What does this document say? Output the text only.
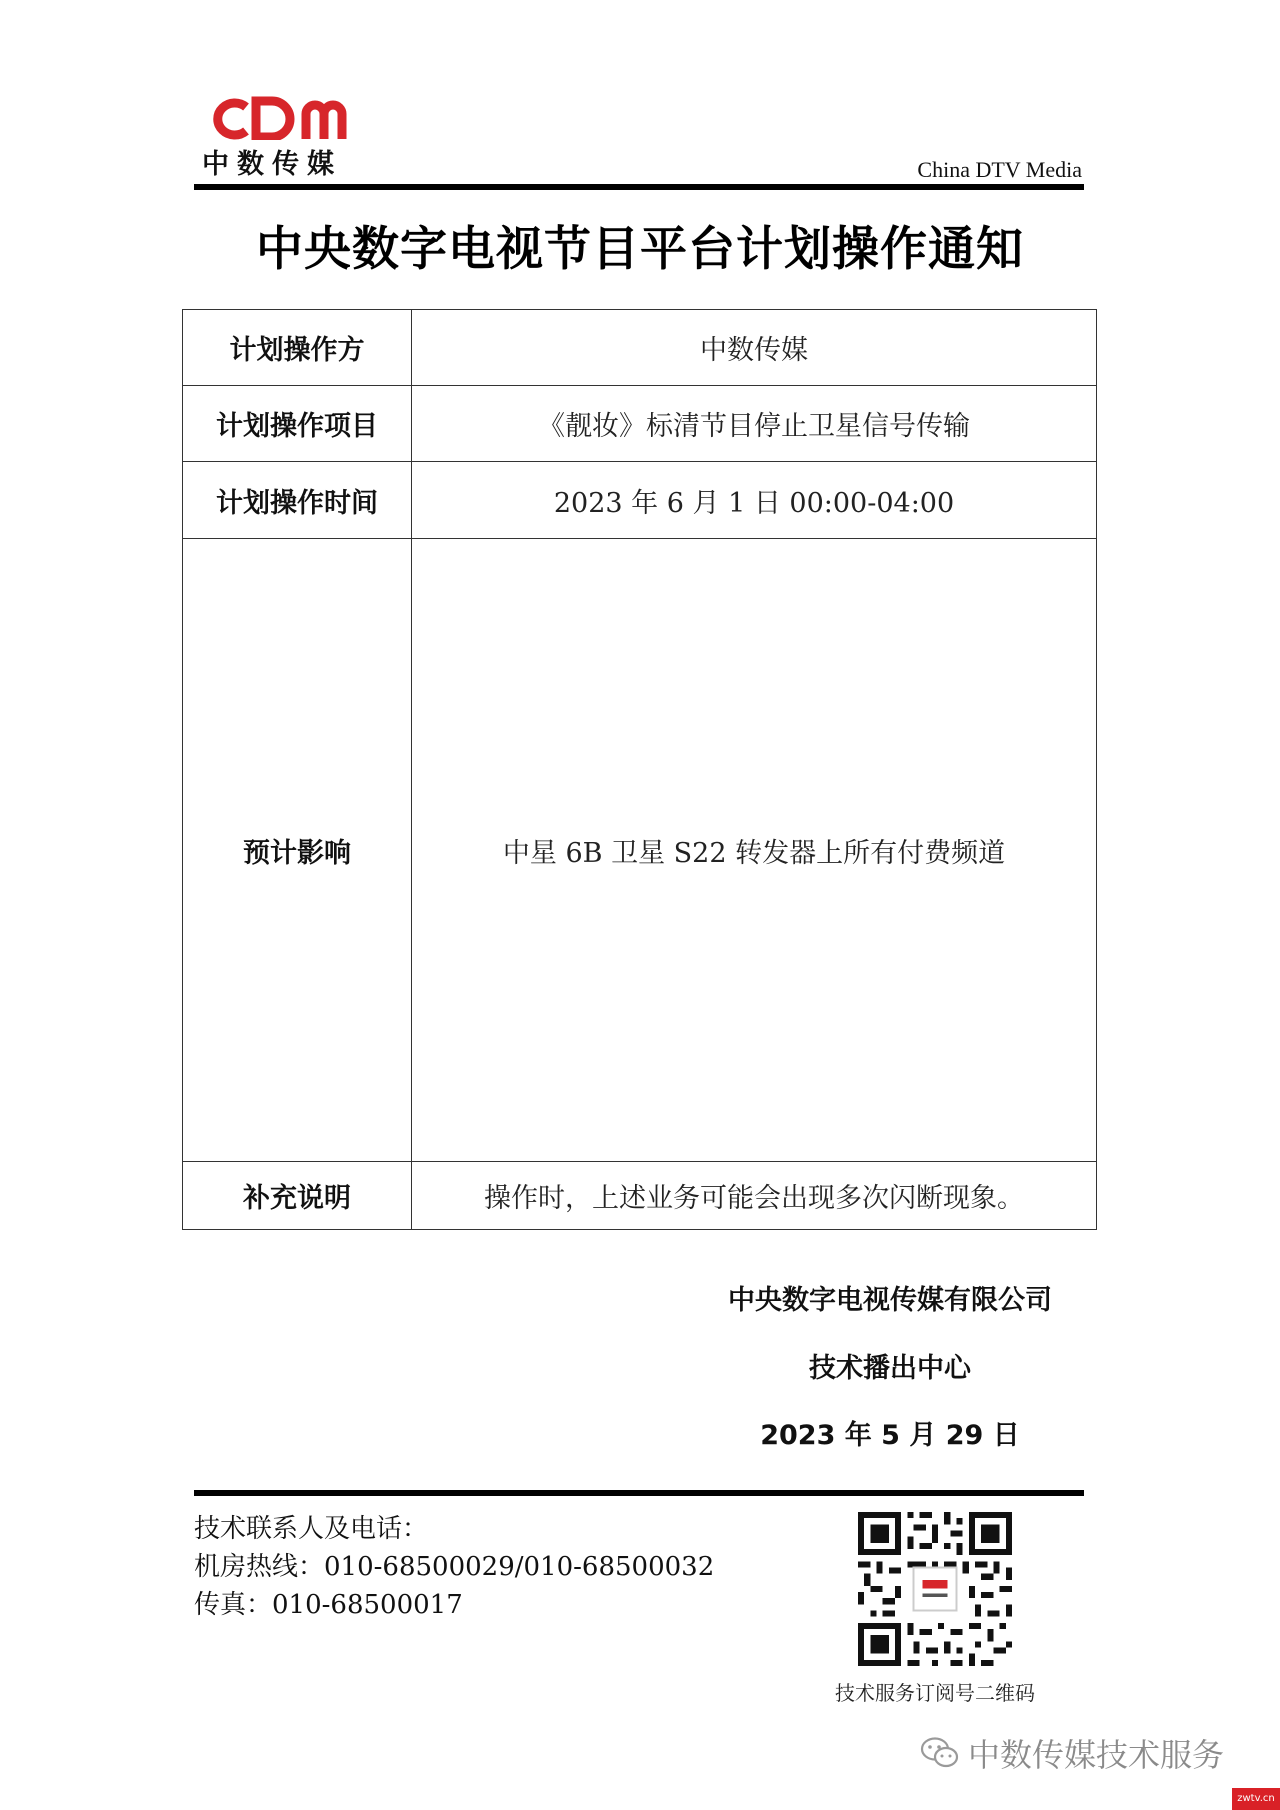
中数传媒	China DTV Media
中央数字电视节目平台计划操作通知
计划操作方	中数传媒
计划操作项目	《靓妆》标清节目停止卫星信号传输
计划操作时间	2023 年 6 月 1 日 00:00-04:00
预计影响	中星 6B 卫星 S22 转发器上所有付费频道
补充说明	操作时，上述业务可能会出现多次闪断现象。
中央数字电视传媒有限公司
技术播出中心
2023 年 5 月 29 日
技术联系人及电话：
机房热线：010-68500029/010-68500032
传真：010-68500017
技术服务订阅号二维码
中数传媒技术服务
zwtv.cn
